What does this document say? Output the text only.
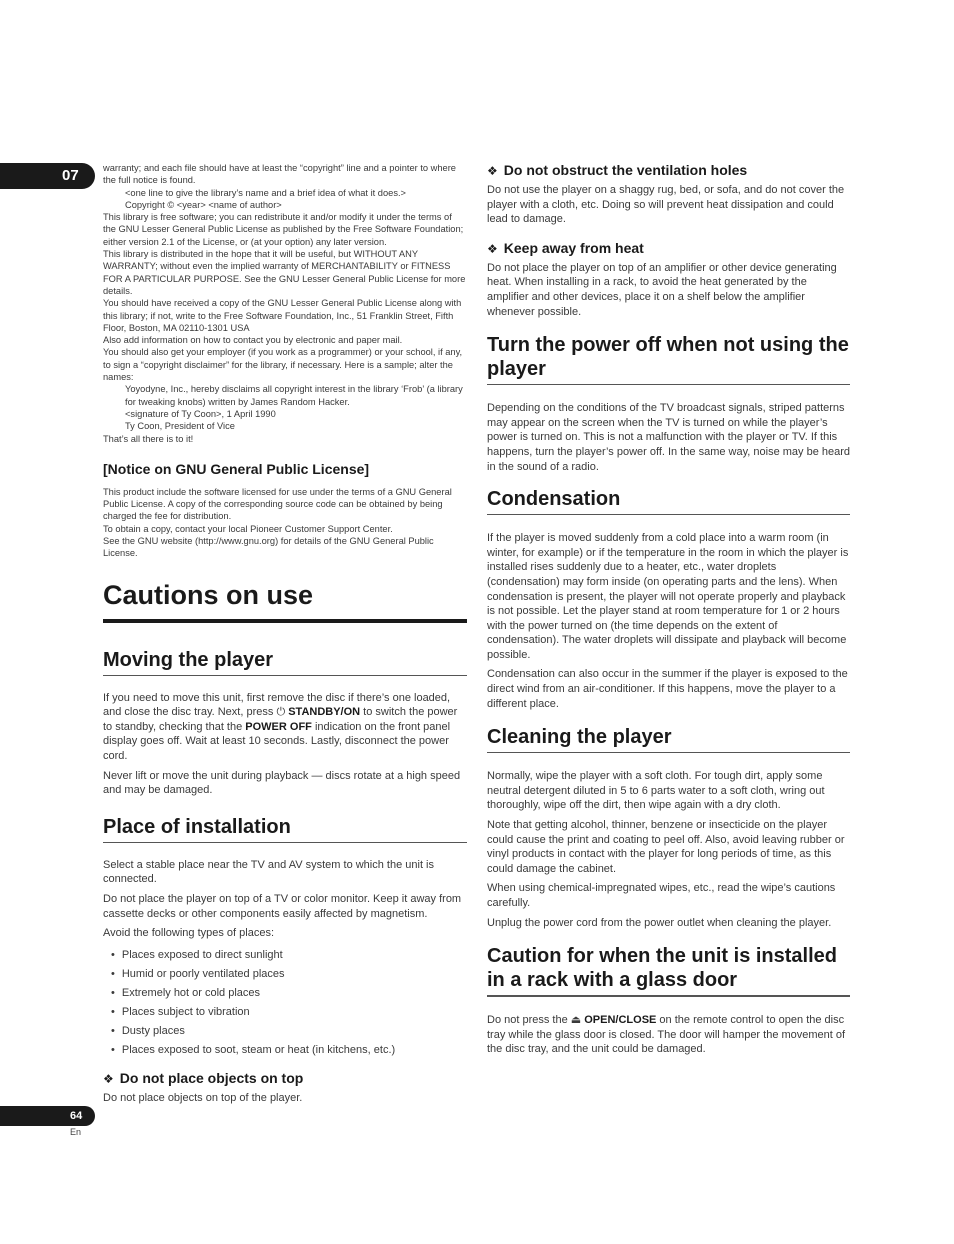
07
64
En

warranty; and each file should have at least the “copyright” line and a pointer to where the full notice is found.

<one line to give the library’s name and a brief idea of what it does.>

Copyright © <year> <name of author>

This library is free software; you can redistribute it and/or modify it under the terms of the GNU Lesser General Public License as published by the Free Software Foundation; either version 2.1 of the License, or (at your option) any later version.

This library is distributed in the hope that it will be useful, but WITHOUT ANY WARRANTY; without even the implied warranty of MERCHANTABILITY or FITNESS FOR A PARTICULAR PURPOSE. See the GNU Lesser General Public License for more details.

You should have received a copy of the GNU Lesser General Public License along with this library; if not, write to the Free Software Foundation, Inc., 51 Franklin Street, Fifth Floor, Boston, MA 02110-1301 USA

Also add information on how to contact you by electronic and paper mail.

You should also get your employer (if you work as a programmer) or your school, if any, to sign a “copyright disclaimer” for the library, if necessary. Here is a sample; alter the names:

Yoyodyne, Inc., hereby disclaims all copyright interest in the library ‘Frob’ (a library for tweaking knobs) written by James Random Hacker.

<signature of Ty Coon>, 1 April 1990

Ty Coon, President of Vice

That’s all there is to it!

[Notice on GNU General Public License]

This product include the software licensed for use under the terms of a GNU General Public License. A copy of the corresponding source code can be obtained by being charged the fee for distribution.

To obtain a copy, contact your local Pioneer Customer Support Center.

See the GNU website (http://www.gnu.org) for details of the GNU General Public License.

Cautions on use
Moving the player

If you need to move this unit, first remove the disc if there’s one loaded, and close the disc tray. Next, press ⏻ STANDBY/ON to switch the power to standby, checking that the POWER OFF indication on the front panel display goes off. Wait at least 10 seconds. Lastly, disconnect the power cord.

Never lift or move the unit during playback — discs rotate at a high speed and may be damaged.

Place of installation

Select a stable place near the TV and AV system to which the unit is connected.

Do not place the player on top of a TV or color monitor. Keep it away from cassette decks or other components easily affected by magnetism.

Avoid the following types of places:

• Places exposed to direct sunlight
• Humid or poorly ventilated places
• Extremely hot or cold places
• Places subject to vibration
• Dusty places
• Places exposed to soot, steam or heat (in kitchens, etc.)
❖ Do not place objects on top

Do not place objects on top of the player.

❖ Do not obstruct the ventilation holes

Do not use the player on a shaggy rug, bed, or sofa, and do not cover the player with a cloth, etc. Doing so will prevent heat dissipation and could lead to damage.

❖ Keep away from heat

Do not place the player on top of an amplifier or other device generating heat. When installing in a rack, to avoid the heat generated by the amplifier and other devices, place it on a shelf below the amplifier whenever possible.

Turn the power off when not using the player

Depending on the conditions of the TV broadcast signals, striped patterns may appear on the screen when the TV is turned on while the player’s power is turned on. This is not a malfunction with the player or TV. If this happens, turn the player’s power off. In the same way, noise may be heard in the sound of a radio.

Condensation

If the player is moved suddenly from a cold place into a warm room (in winter, for example) or if the temperature in the room in which the player is installed rises suddenly due to a heater, etc., water droplets (condensation) may form inside (on operating parts and the lens). When condensation is present, the player will not operate properly and playback is not possible. Let the player stand at room temperature for 1 or 2 hours with the power turned on (the time depends on the extent of condensation). The water droplets will dissipate and playback will become possible.

Condensation can also occur in the summer if the player is exposed to the direct wind from an air-conditioner. If this happens, move the player to a different place.

Cleaning the player

Normally, wipe the player with a soft cloth. For tough dirt, apply some neutral detergent diluted in 5 to 6 parts water to a soft cloth, wring out thoroughly, wipe off the dirt, then wipe again with a dry cloth.

Note that getting alcohol, thinner, benzene or insecticide on the player could cause the print and coating to peel off. Also, avoid leaving rubber or vinyl products in contact with the player for long periods of time, as this could damage the cabinet.

When using chemical-impregnated wipes, etc., read the wipe’s cautions carefully.

Unplug the power cord from the power outlet when cleaning the player.

Caution for when the unit is installed in a rack with a glass door

Do not press the ⏏ OPEN/CLOSE on the remote control to open the disc tray while the glass door is closed. The door will hamper the movement of the disc tray, and the unit could be damaged.
